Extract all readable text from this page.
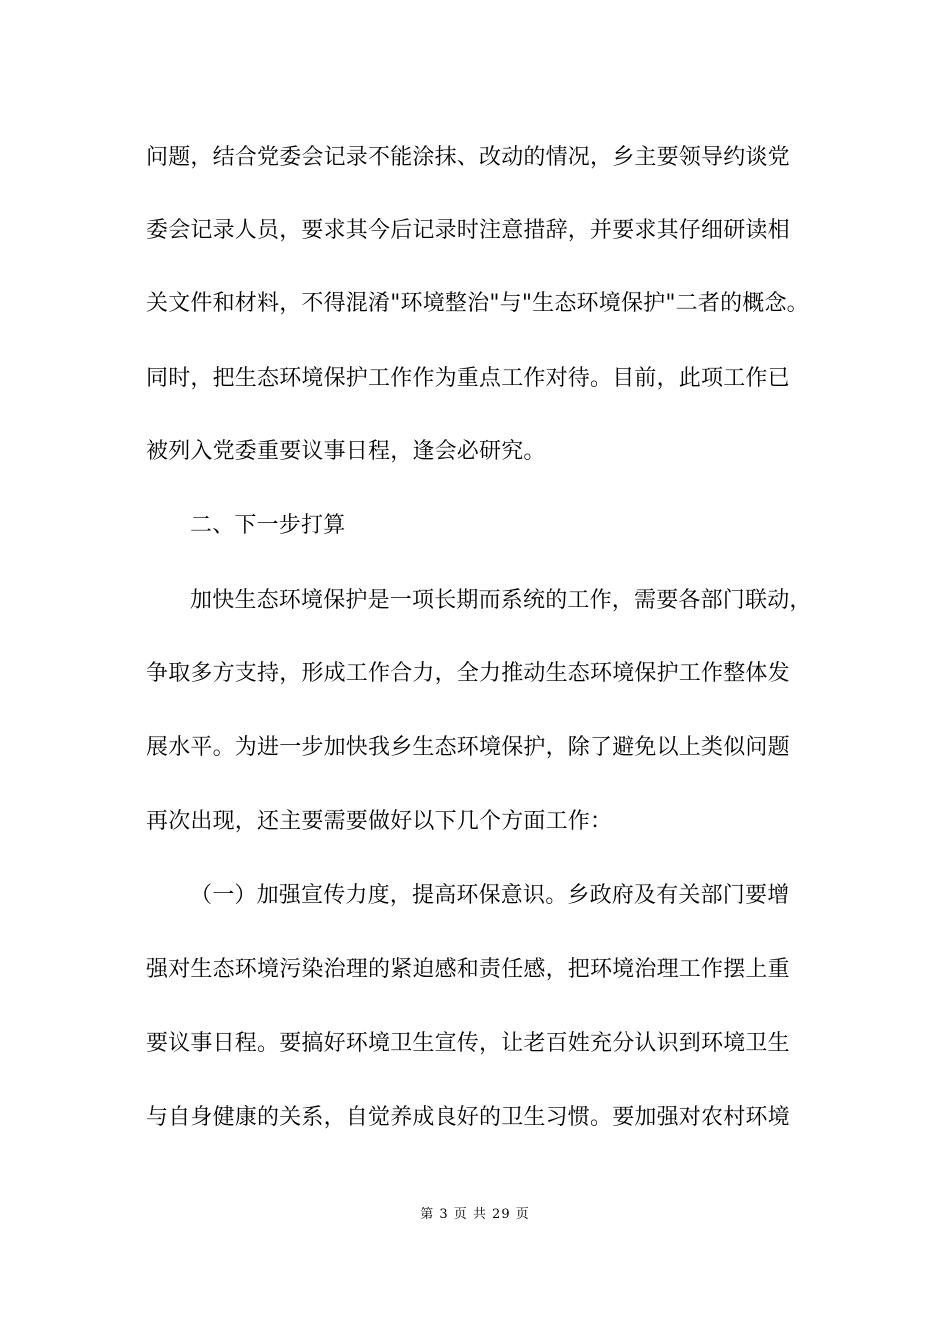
问题，结合党委会记录不能涂抹、改动的情况，乡主要领导约谈党
委会记录人员，要求其今后记录时注意措辞，并要求其仔细研读相
关文件和材料，不得混淆"环境整治"与"生态环境保护"二者的概念。
同时，把生态环境保护工作作为重点工作对待。目前，此项工作已
被列入党委重要议事日程，逢会必研究。
二、下一步打算
加快生态环境保护是一项长期而系统的工作，需要各部门联动，
争取多方支持，形成工作合力，全力推动生态环境保护工作整体发
展水平。为进一步加快我乡生态环境保护，除了避免以上类似问题
再次出现，还主要需要做好以下几个方面工作：
（一）加强宣传力度，提高环保意识。乡政府及有关部门要增
强对生态环境污染治理的紧迫感和责任感，把环境治理工作摆上重
要议事日程。要搞好环境卫生宣传，让老百姓充分认识到环境卫生
与自身健康的关系，自觉养成良好的卫生习惯。要加强对农村环境
第 3 页 共 29 页
